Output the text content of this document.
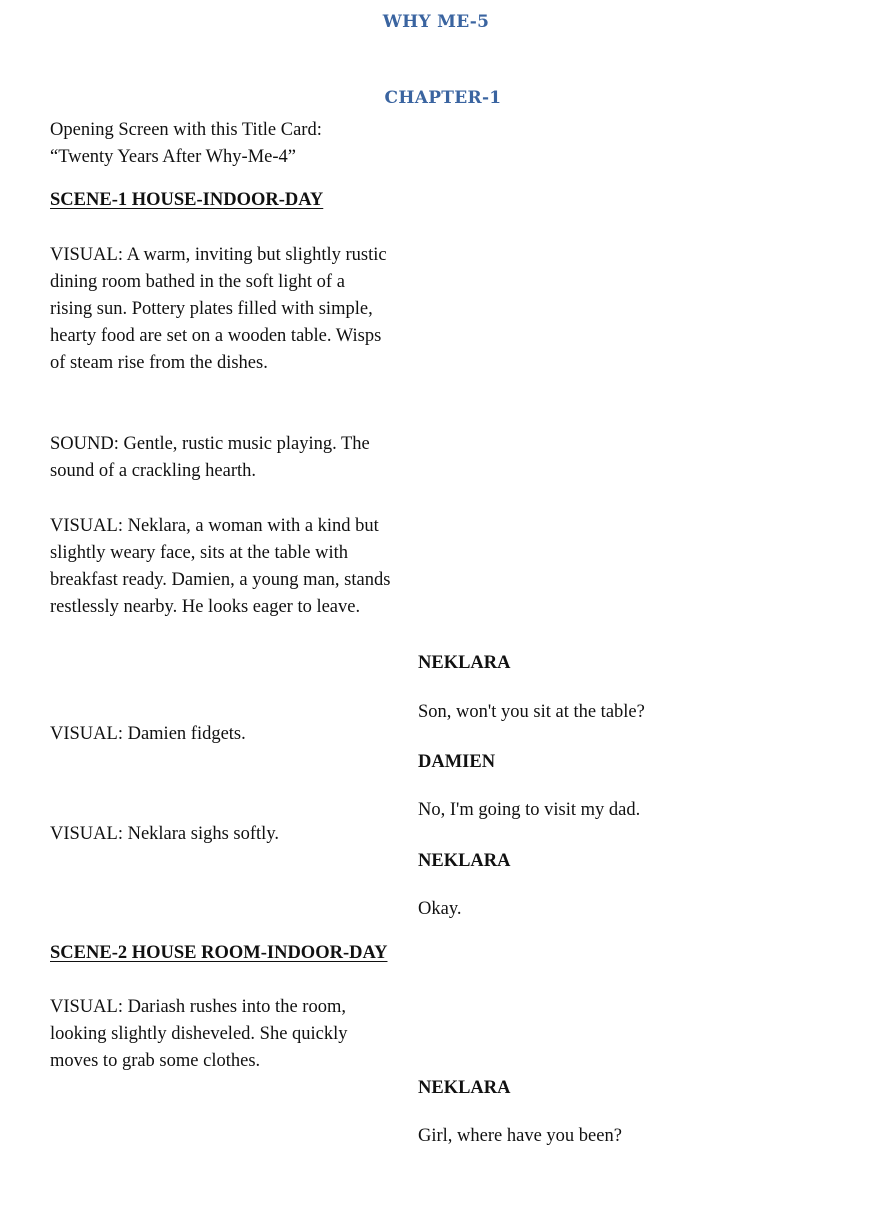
WHY ME-5
CHAPTER-1
Opening Screen with this Title Card:
“Twenty Years After Why-Me-4”
SCENE-1 HOUSE-INDOOR-DAY
VISUAL: A warm, inviting but slightly rustic dining room bathed in the soft light of a rising sun. Pottery plates filled with simple, hearty food are set on a wooden table. Wisps of steam rise from the dishes.
SOUND: Gentle, rustic music playing. The sound of a crackling hearth.
VISUAL: Neklara, a woman with a kind but slightly weary face, sits at the table with breakfast ready. Damien, a young man, stands restlessly nearby. He looks eager to leave.
NEKLARA
Son, won't you sit at the table?
VISUAL: Damien fidgets.
DAMIEN
No, I'm going to visit my dad.
VISUAL: Neklara sighs softly.
NEKLARA
Okay.
SCENE-2 HOUSE ROOM-INDOOR-DAY
VISUAL: Dariash rushes into the room, looking slightly disheveled. She quickly moves to grab some clothes.
NEKLARA
Girl, where have you been?
